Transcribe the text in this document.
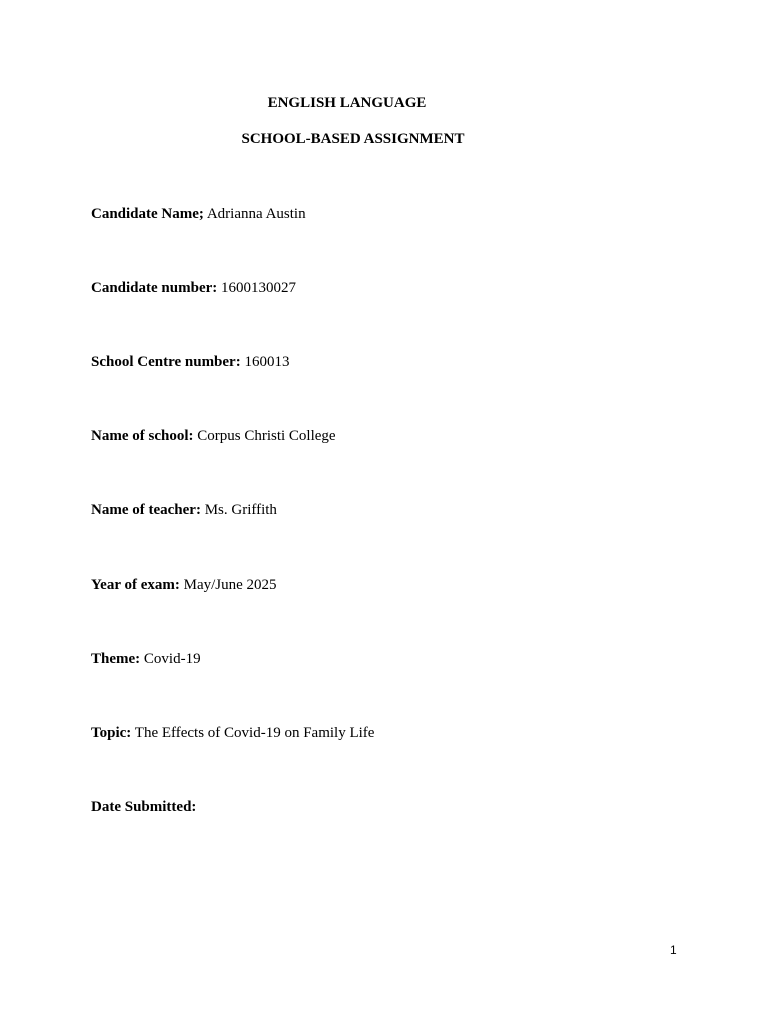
ENGLISH LANGUAGE
SCHOOL-BASED ASSIGNMENT
Candidate Name; Adrianna Austin
Candidate number: 1600130027
School Centre number: 160013
Name of school: Corpus Christi College
Name of teacher: Ms. Griffith
Year of exam: May/June 2025
Theme: Covid-19
Topic: The Effects of Covid-19 on Family Life
Date Submitted:
1
